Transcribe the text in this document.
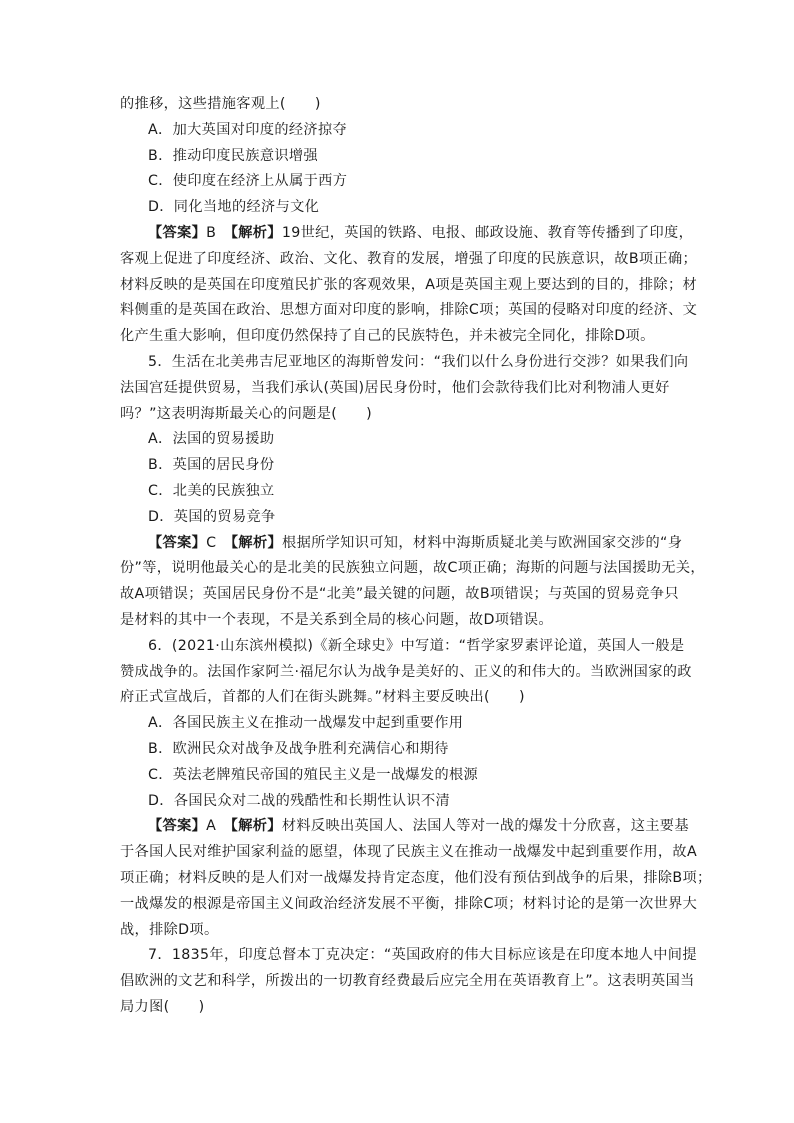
的推移，这些措施客观上(　　)
A．加大英国对印度的经济掠夺
B．推动印度民族意识增强
C．使印度在经济上从属于西方
D．同化当地的经济与文化
【答案】B　 【解析】19世纪，英国的铁路、电报、邮政设施、教育等传播到了印度，
客观上促进了印度经济、政治、文化、教育的发展，增强了印度的民族意识，故B项正确；
材料反映的是英国在印度殖民扩张的客观效果，A项是英国主观上要达到的目的，排除；材
料侧重的是英国在政治、思想方面对印度的影响，排除C项；英国的侵略对印度的经济、文
化产生重大影响，但印度仍然保持了自己的民族特色，并未被完全同化，排除D项。
5．生活在北美弗吉尼亚地区的海斯曾发问：“我们以什么身份进行交涉？如果我们向
法国宫廷提供贸易，当我们承认(英国)居民身份时，他们会款待我们比对利物浦人更好
吗？”这表明海斯最关心的问题是(　　)
A．法国的贸易援助
B．英国的居民身份
C．北美的民族独立
D．英国的贸易竞争
【答案】C　 【解析】根据所学知识可知，材料中海斯质疑北美与欧洲国家交涉的“身
份”等，说明他最关心的是北美的民族独立问题，故C项正确；海斯的问题与法国援助无关，
故A项错误；英国居民身份不是“北美”最关键的问题，故B项错误；与英国的贸易竞争只
是材料的其中一个表现，不是关系到全局的核心问题，故D项错误。
6．(2021·山东滨州模拟)《新全球史》中写道：“哲学家罗素评论道，英国人一般是
赞成战争的。法国作家阿兰·福尼尔认为战争是美好的、正义的和伟大的。当欧洲国家的政
府正式宣战后，首都的人们在街头跳舞。”材料主要反映出(　　)
A．各国民族主义在推动一战爆发中起到重要作用
B．欧洲民众对战争及战争胜利充满信心和期待
C．英法老牌殖民帝国的殖民主义是一战爆发的根源
D．各国民众对二战的残酷性和长期性认识不清
【答案】A　 【解析】材料反映出英国人、法国人等对一战的爆发十分欣喜，这主要基
于各国人民对维护国家利益的愿望，体现了民族主义在推动一战爆发中起到重要作用，故A
项正确；材料反映的是人们对一战爆发持肯定态度，他们没有预估到战争的后果，排除B项；
一战爆发的根源是帝国主义间政治经济发展不平衡，排除C项；材料讨论的是第一次世界大
战，排除D项。
7．1835年，印度总督本丁克决定：“英国政府的伟大目标应该是在印度本地人中间提
倡欧洲的文艺和科学，所拨出的一切教育经费最后应完全用在英语教育上”。这表明英国当
局力图(　　)
